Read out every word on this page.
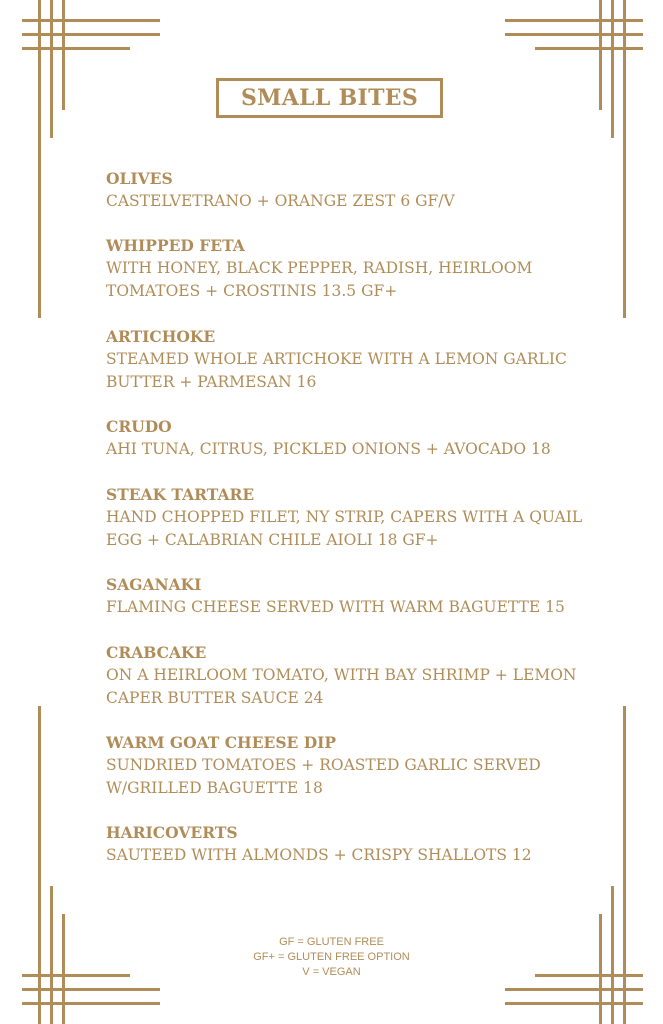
SMALL BITES
OLIVES
CASTELVETRANO + ORANGE ZEST 6 GF/V
WHIPPED FETA
WITH HONEY, BLACK PEPPER, RADISH, HEIRLOOM
TOMATOES + CROSTINIS 13.5 GF+
ARTICHOKE
STEAMED WHOLE ARTICHOKE WITH A LEMON GARLIC
BUTTER + PARMESAN 16
CRUDO
AHI TUNA, CITRUS, PICKLED ONIONS + AVOCADO 18
STEAK TARTARE
HAND CHOPPED FILET, NY STRIP, CAPERS WITH A QUAIL
EGG + CALABRIAN CHILE AIOLI 18 GF+
SAGANAKI
FLAMING CHEESE SERVED WITH WARM BAGUETTE 15
CRABCAKE
ON A HEIRLOOM TOMATO, WITH BAY SHRIMP + LEMON
CAPER BUTTER SAUCE 24
WARM GOAT CHEESE DIP
SUNDRIED TOMATOES + ROASTED GARLIC SERVED
W/GRILLED BAGUETTE 18
HARICOVERTS
SAUTEED WITH ALMONDS + CRISPY SHALLOTS 12
GF = GLUTEN FREE
GF+ = GLUTEN FREE OPTION
V = VEGAN
